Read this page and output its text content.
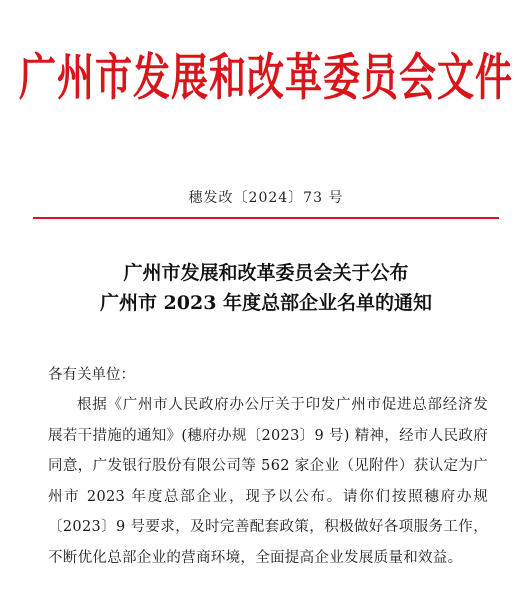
广州市发展和改革委员会文件
穗发改〔2024〕73 号
广州市发展和改革委员会关于公布
广州市 2023 年度总部企业名单的通知
各有关单位：
根据《广州市人民政府办公厅关于印发广州市促进总部经济发展若干措施的通知》(穗府办规〔2023〕9 号) 精神，经市人民政府同意，广发银行股份有限公司等 562 家企业（见附件）获认定为广州市 2023 年度总部企业，现予以公布。请你们按照穗府办规〔2023〕9 号要求，及时完善配套政策，积极做好各项服务工作，不断优化总部企业的营商环境，全面提高企业发展质量和效益。
